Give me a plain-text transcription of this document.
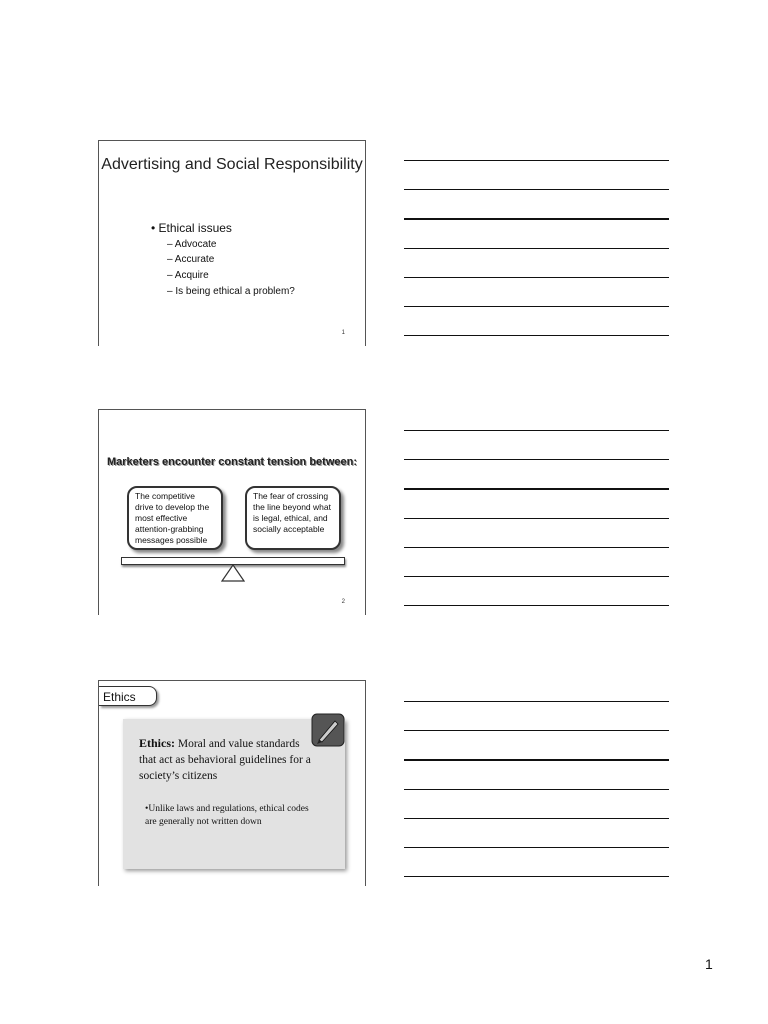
Advertising and Social Responsibility
• Ethical issues
– Advocate
– Accurate
– Acquire
– Is being ethical a problem?
1
Marketers encounter constant tension between:
The competitive drive to develop the most effective attention-grabbing messages possible
The fear of crossing the line beyond what is legal, ethical, and socially acceptable
2
Ethics
Ethics: Moral and value standards that act as behavioral guidelines for a society’s citizens
•Unlike laws and regulations, ethical codes are generally not written down
1
